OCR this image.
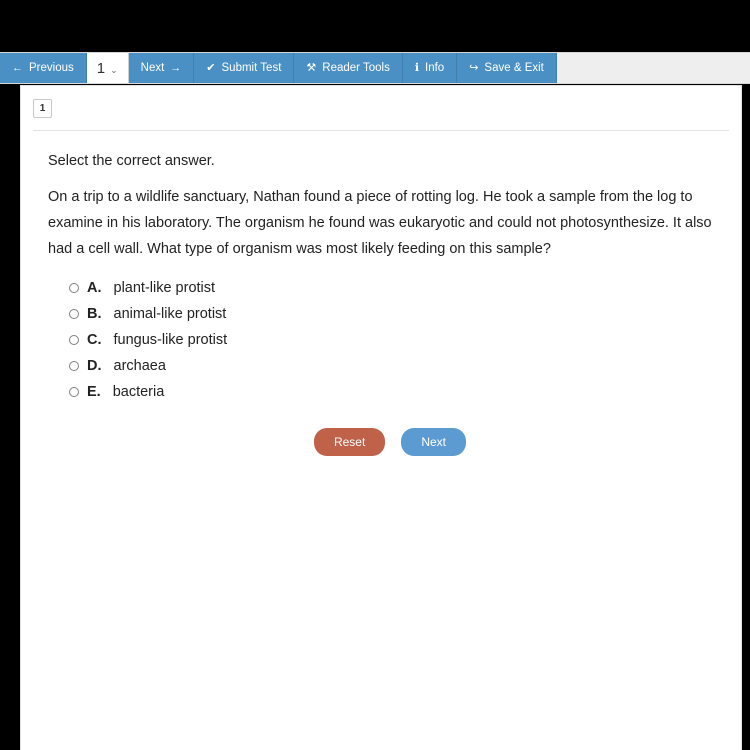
← Previous 1 ⌄ Next → ✔ Submit Test ⚒ Reader Tools ℹ Info ↪ Save & Exit
1
Select the correct answer.
On a trip to a wildlife sanctuary, Nathan found a piece of rotting log. He took a sample from the log to examine in his laboratory. The organism he found was eukaryotic and could not photosynthesize. It also had a cell wall. What type of organism was most likely feeding on this sample?
A. plant-like protist
B. animal-like protist
C. fungus-like protist
D. archaea
E. bacteria
Reset	Next
